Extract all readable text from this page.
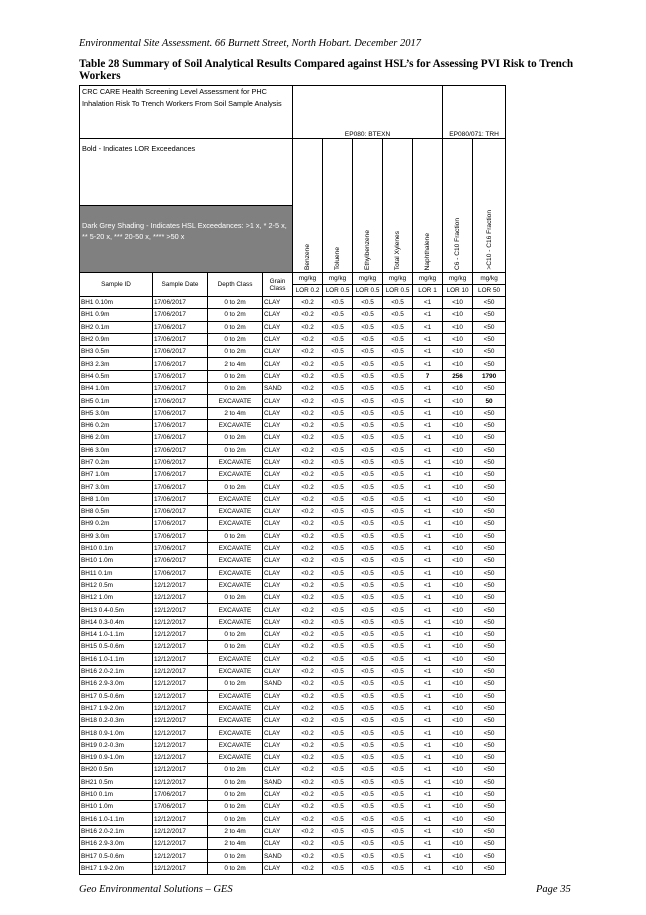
Environmental Site Assessment. 66 Burnett Street, North Hobart. December 2017
Table 28 Summary of Soil Analytical Results Compared against HSL’s for Assessing PVI Risk to Trench Workers
CRC CARE Health Screening Level Assessment for PHC Inhalation Risk To Trench Workers From Soil Sample Analysis				EP080: BTEXN					EP080/071: TRH	
Bold - Indicates LOR Exceedances				Benzene	Toluene	Ethylbenzene	Total Xylenes	Naphthalene	C6 - C10 Fraction	>C10 - C16 Fraction
Dark Grey Shading - Indicates HSL Exceedances: >1 x, * 2-5 x, ** 5-20 x, *** 20-50 x, **** >50 x										
Sample ID	Sample Date	Depth Class	Grain Class	mg/kg	mg/kg	mg/kg	mg/kg	mg/kg	mg/kg	mg/kg
				LOR 0.2	LOR 0.5	LOR 0.5	LOR 0.5	LOR 1	LOR 10	LOR 50
BH1 0.10m	17/06/2017	0 to 2m	CLAY	<0.2	<0.5	<0.5	<0.5	<1	<10	<50
BH1 0.9m	17/06/2017	0 to 2m	CLAY	<0.2	<0.5	<0.5	<0.5	<1	<10	<50
BH2 0.1m	17/06/2017	0 to 2m	CLAY	<0.2	<0.5	<0.5	<0.5	<1	<10	<50
BH2 0.9m	17/06/2017	0 to 2m	CLAY	<0.2	<0.5	<0.5	<0.5	<1	<10	<50
BH3 0.5m	17/06/2017	0 to 2m	CLAY	<0.2	<0.5	<0.5	<0.5	<1	<10	<50
BH3 2.3m	17/06/2017	2 to 4m	CLAY	<0.2	<0.5	<0.5	<0.5	<1	<10	<50
BH4 0.5m	17/06/2017	0 to 2m	CLAY	<0.2	<0.5	<0.5	<0.5	7	256	1790
BH4 1.0m	17/06/2017	0 to 2m	SAND	<0.2	<0.5	<0.5	<0.5	<1	<10	<50
BH5 0.1m	17/06/2017	EXCAVATE	CLAY	<0.2	<0.5	<0.5	<0.5	<1	<10	50
BH5 3.0m	17/06/2017	2 to 4m	CLAY	<0.2	<0.5	<0.5	<0.5	<1	<10	<50
BH6 0.2m	17/06/2017	EXCAVATE	CLAY	<0.2	<0.5	<0.5	<0.5	<1	<10	<50
BH6 2.0m	17/06/2017	0 to 2m	CLAY	<0.2	<0.5	<0.5	<0.5	<1	<10	<50
BH6 3.0m	17/06/2017	0 to 2m	CLAY	<0.2	<0.5	<0.5	<0.5	<1	<10	<50
BH7 0.2m	17/06/2017	EXCAVATE	CLAY	<0.2	<0.5	<0.5	<0.5	<1	<10	<50
BH7 1.0m	17/06/2017	EXCAVATE	CLAY	<0.2	<0.5	<0.5	<0.5	<1	<10	<50
BH7 3.0m	17/06/2017	0 to 2m	CLAY	<0.2	<0.5	<0.5	<0.5	<1	<10	<50
BH8 1.0m	17/06/2017	EXCAVATE	CLAY	<0.2	<0.5	<0.5	<0.5	<1	<10	<50
BH8 0.5m	17/06/2017	EXCAVATE	CLAY	<0.2	<0.5	<0.5	<0.5	<1	<10	<50
BH9 0.2m	17/06/2017	EXCAVATE	CLAY	<0.2	<0.5	<0.5	<0.5	<1	<10	<50
BH9 3.0m	17/06/2017	0 to 2m	CLAY	<0.2	<0.5	<0.5	<0.5	<1	<10	<50
BH10 0.1m	17/06/2017	EXCAVATE	CLAY	<0.2	<0.5	<0.5	<0.5	<1	<10	<50
BH10 1.0m	17/06/2017	EXCAVATE	CLAY	<0.2	<0.5	<0.5	<0.5	<1	<10	<50
BH11 0.1m	17/06/2017	EXCAVATE	CLAY	<0.2	<0.5	<0.5	<0.5	<1	<10	<50
BH12 0.5m	12/12/2017	EXCAVATE	CLAY	<0.2	<0.5	<0.5	<0.5	<1	<10	<50
BH12 1.0m	12/12/2017	0 to 2m	CLAY	<0.2	<0.5	<0.5	<0.5	<1	<10	<50
BH13 0.4-0.5m	12/12/2017	EXCAVATE	CLAY	<0.2	<0.5	<0.5	<0.5	<1	<10	<50
BH14 0.3-0.4m	12/12/2017	EXCAVATE	CLAY	<0.2	<0.5	<0.5	<0.5	<1	<10	<50
BH14 1.0-1.1m	12/12/2017	0 to 2m	CLAY	<0.2	<0.5	<0.5	<0.5	<1	<10	<50
BH15 0.5-0.6m	12/12/2017	0 to 2m	CLAY	<0.2	<0.5	<0.5	<0.5	<1	<10	<50
BH16 1.0-1.1m	12/12/2017	EXCAVATE	CLAY	<0.2	<0.5	<0.5	<0.5	<1	<10	<50
BH16 2.0-2.1m	12/12/2017	EXCAVATE	CLAY	<0.2	<0.5	<0.5	<0.5	<1	<10	<50
BH16 2.9-3.0m	12/12/2017	0 to 2m	SAND	<0.2	<0.5	<0.5	<0.5	<1	<10	<50
BH17 0.5-0.6m	12/12/2017	EXCAVATE	CLAY	<0.2	<0.5	<0.5	<0.5	<1	<10	<50
BH17 1.9-2.0m	12/12/2017	EXCAVATE	CLAY	<0.2	<0.5	<0.5	<0.5	<1	<10	<50
BH18 0.2-0.3m	12/12/2017	EXCAVATE	CLAY	<0.2	<0.5	<0.5	<0.5	<1	<10	<50
BH18 0.9-1.0m	12/12/2017	EXCAVATE	CLAY	<0.2	<0.5	<0.5	<0.5	<1	<10	<50
BH19 0.2-0.3m	12/12/2017	EXCAVATE	CLAY	<0.2	<0.5	<0.5	<0.5	<1	<10	<50
BH19 0.9-1.0m	12/12/2017	EXCAVATE	CLAY	<0.2	<0.5	<0.5	<0.5	<1	<10	<50
BH20 0.5m	12/12/2017	0 to 2m	CLAY	<0.2	<0.5	<0.5	<0.5	<1	<10	<50
BH21 0.5m	12/12/2017	0 to 2m	SAND	<0.2	<0.5	<0.5	<0.5	<1	<10	<50
BH10 0.1m	17/06/2017	0 to 2m	CLAY	<0.2	<0.5	<0.5	<0.5	<1	<10	<50
BH10 1.0m	17/06/2017	0 to 2m	CLAY	<0.2	<0.5	<0.5	<0.5	<1	<10	<50
BH16 1.0-1.1m	12/12/2017	0 to 2m	CLAY	<0.2	<0.5	<0.5	<0.5	<1	<10	<50
BH16 2.0-2.1m	12/12/2017	2 to 4m	CLAY	<0.2	<0.5	<0.5	<0.5	<1	<10	<50
BH16 2.9-3.0m	12/12/2017	2 to 4m	CLAY	<0.2	<0.5	<0.5	<0.5	<1	<10	<50
BH17 0.5-0.6m	12/12/2017	0 to 2m	SAND	<0.2	<0.5	<0.5	<0.5	<1	<10	<50
BH17 1.9-2.0m	12/12/2017	0 to 2m	CLAY	<0.2	<0.5	<0.5	<0.5	<1	<10	<50
Geo Environmental Solutions – GES	Page 35
